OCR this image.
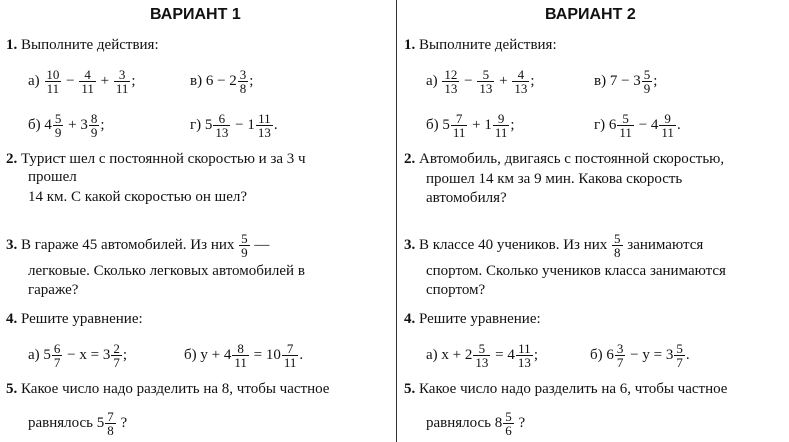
ВАРИАНТ 1
1. Выполните действия:
$а) \frac{10}{11} - \frac{4}{11} + \frac{3}{11}$ ;	в) $6 - 2 \frac{3}{8}$ ;
б) $4 \frac{5}{9} + 3 \frac{8}{9}$ ;	г) $5 \frac{6}{13} - 1 \frac{11}{13}$ .
2. Турист шел с постоянной скоростью и за 3 ч
прошел
14 км. С какой скоростью он шел?
3. В гараже 45 автомобилей. Из них $\frac{5}{9}$ —
легковые. Сколько легковых автомобилей в
гараже?
4. Решите уравнение:
а) $5 \frac{6}{7} - x = 3 \frac{2}{7}$ ;	б) $y + 4 \frac{8}{11} = 10 \frac{7}{11}$ .
5. Какое число надо разделить на 8, чтобы частное
равнялось $5 \frac{7}{8}$ ?
ВАРИАНТ 2
1. Выполните действия:
$а) \frac{12}{13} - \frac{5}{13} + \frac{4}{13}$ ;	в) $7 - 3 \frac{5}{9}$ ;
б) $5 \frac{7}{11} + 1 \frac{9}{11}$ ;	г) $6 \frac{5}{11} - 4 \frac{9}{11}$ .
2. Автомобиль, двигаясь с постоянной скоростью,
прошел 14 км за 9 мин. Какова скорость
автомобиля?
3. В классе 40 учеников. Из них $\frac{5}{8}$ занимаются
спортом. Сколько учеников класса занимаются
спортом?
4. Решите уравнение:
а) $x + 2 \frac{5}{13} = 4 \frac{11}{13}$ ;	б) $6 \frac{3}{7} - y = 3 \frac{5}{7}$ .
5. Какое число надо разделить на 6, чтобы частное
равнялось $8 \frac{5}{6}$ ?
